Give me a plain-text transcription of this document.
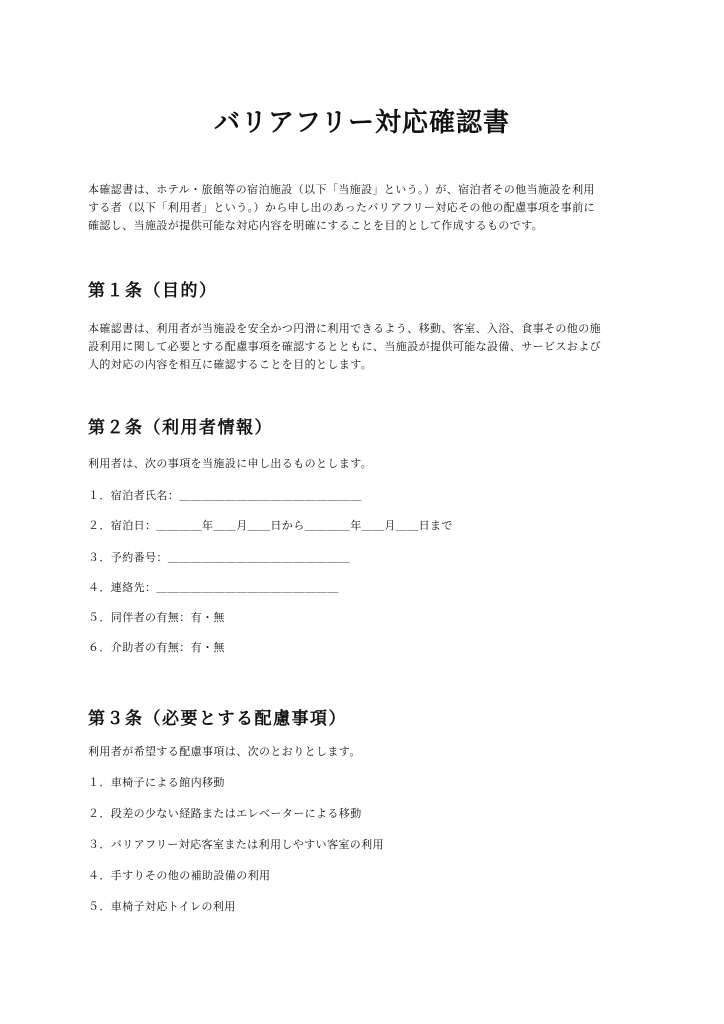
バリアフリー対応確認書

本確認書は、ホテル・旅館等の宿泊施設（以下「当施設」という。）が、宿泊者その他当施設を利用
する者（以下「利用者」という。）から申し出のあったバリアフリー対応その他の配慮事項を事前に
確認し、当施設が提供可能な対応内容を明確にすることを目的として作成するものです。

第１条（目的）

本確認書は、利用者が当施設を安全かつ円滑に利用できるよう、移動、客室、入浴、食事その他の施
設利用に関して必要とする配慮事項を確認するとともに、当施設が提供可能な設備、サービスおよび
人的対応の内容を相互に確認することを目的とします。

第２条（利用者情報）

利用者は、次の事項を当施設に申し出るものとします。

１．宿泊者氏名：＿＿＿＿＿＿＿＿＿＿＿＿＿＿＿＿

２．宿泊日：＿＿＿＿年＿＿月＿＿日から＿＿＿＿年＿＿月＿＿日まで

３．予約番号：＿＿＿＿＿＿＿＿＿＿＿＿＿＿＿＿

４．連絡先：＿＿＿＿＿＿＿＿＿＿＿＿＿＿＿＿

５．同伴者の有無：有・無

６．介助者の有無：有・無

第３条（必要とする配慮事項）

利用者が希望する配慮事項は、次のとおりとします。

１．車椅子による館内移動

２．段差の少ない経路またはエレベーターによる移動

３．バリアフリー対応客室または利用しやすい客室の利用

４．手すりその他の補助設備の利用

５．車椅子対応トイレの利用
